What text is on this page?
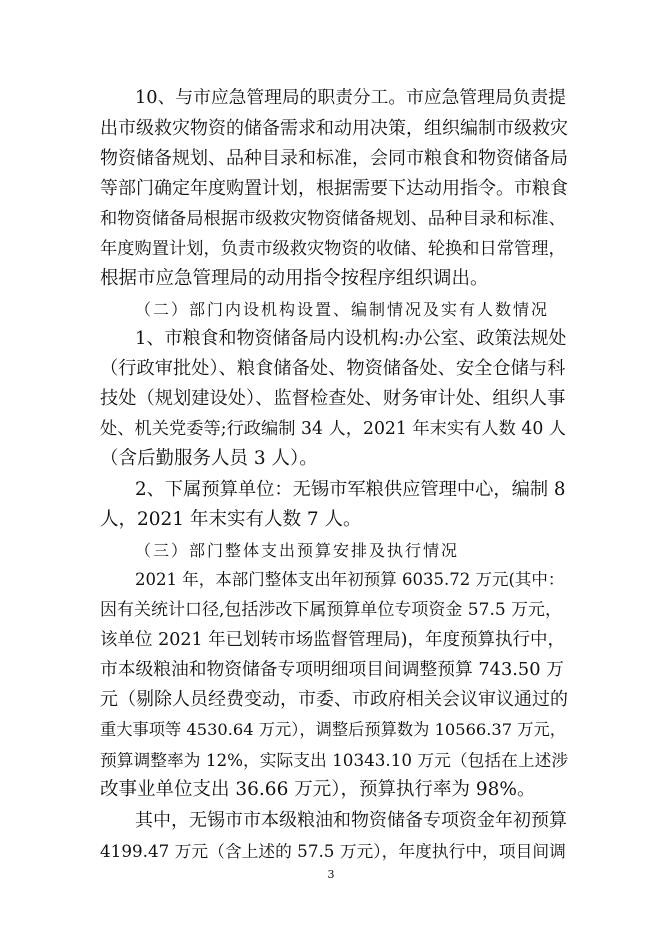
10、与市应急管理局的职责分工。市应急管理局负责提
出市级救灾物资的储备需求和动用决策，组织编制市级救灾
物资储备规划、品种目录和标准，会同市粮食和物资储备局
等部门确定年度购置计划，根据需要下达动用指令。市粮食
和物资储备局根据市级救灾物资储备规划、品种目录和标准、
年度购置计划，负责市级救灾物资的收储、轮换和日常管理，
根据市应急管理局的动用指令按程序组织调出。
（二）部门内设机构设置、编制情况及实有人数情况
1、市粮食和物资储备局内设机构:办公室、政策法规处
（行政审批处）、粮食储备处、物资储备处、安全仓储与科
技处（规划建设处）、监督检查处、财务审计处、组织人事
处、机关党委等;行政编制 34 人，2021 年末实有人数 40 人
（含后勤服务人员 3 人）。
2、下属预算单位：无锡市军粮供应管理中心，编制 8
人，2021 年末实有人数 7 人。
（三）部门整体支出预算安排及执行情况
2021 年，本部门整体支出年初预算 6035.72 万元(其中：
因有关统计口径,包括涉改下属预算单位专项资金 57.5 万元，
该单位 2021 年已划转市场监督管理局)，年度预算执行中，
市本级粮油和物资储备专项明细项目间调整预算 743.50 万
元（剔除人员经费变动，市委、市政府相关会议审议通过的
重大事项等 4530.64 万元），调整后预算数为 10566.37 万元，
预算调整率为 12%，实际支出 10343.10 万元（包括在上述涉
改事业单位支出 36.66 万元），预算执行率为 98%。
其中，无锡市市本级粮油和物资储备专项资金年初预算
4199.47 万元（含上述的 57.5 万元），年度执行中，项目间调
3
